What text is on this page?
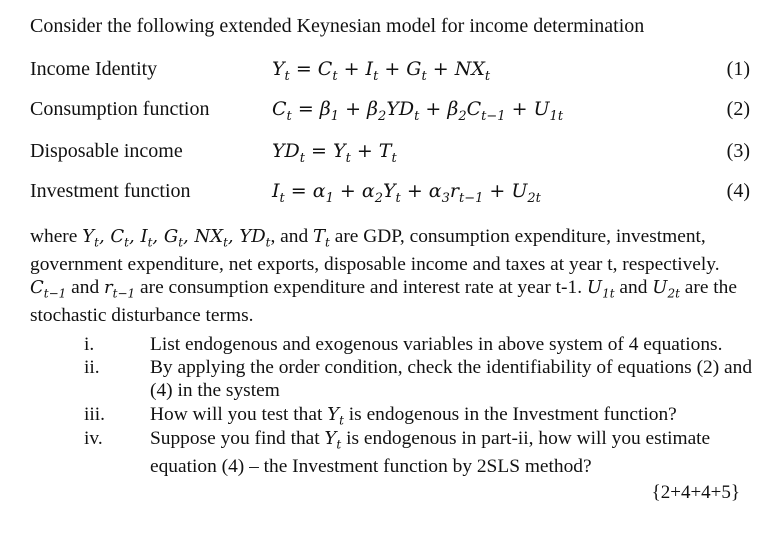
Consider the following extended Keynesian model for income determination
Income Identity	$Y_t = C_t + I_t + G_t + NX_t$	(1)
Consumption function	$C_t = \beta_1 + \beta_2YD_t + \beta_2C_{t-1} + U_{1t}$	(2)
Disposable income	$YD_t = Y_t + T_t$	(3)
Investment function	$I_t = \alpha_1 + \alpha_2Y_t + \alpha_3r_{t-1} + U_{2t}$	(4)
where $Y_t$, $C_t$, $I_t$, $G_t$, $NX_t$, $YD_t$, and $T_t$ are GDP, consumption expenditure, investment, government expenditure, net exports, disposable income and taxes at year t, respectively. $C_{t-1}$ and $r_{t-1}$ are consumption expenditure and interest rate at year t-1. $U_{1t}$ and $U_{2t}$ are the stochastic disturbance terms.
i.	List endogenous and exogenous variables in above system of 4 equations.
ii.	By applying the order condition, check the identifiability of equations (2) and (4) in the system
iii.	How will you test that $Y_t$ is endogenous in the Investment function?
iv.	Suppose you find that $Y_t$ is endogenous in part-ii, how will you estimate equation (4) – the Investment function by 2SLS method?
{2+4+4+5}
